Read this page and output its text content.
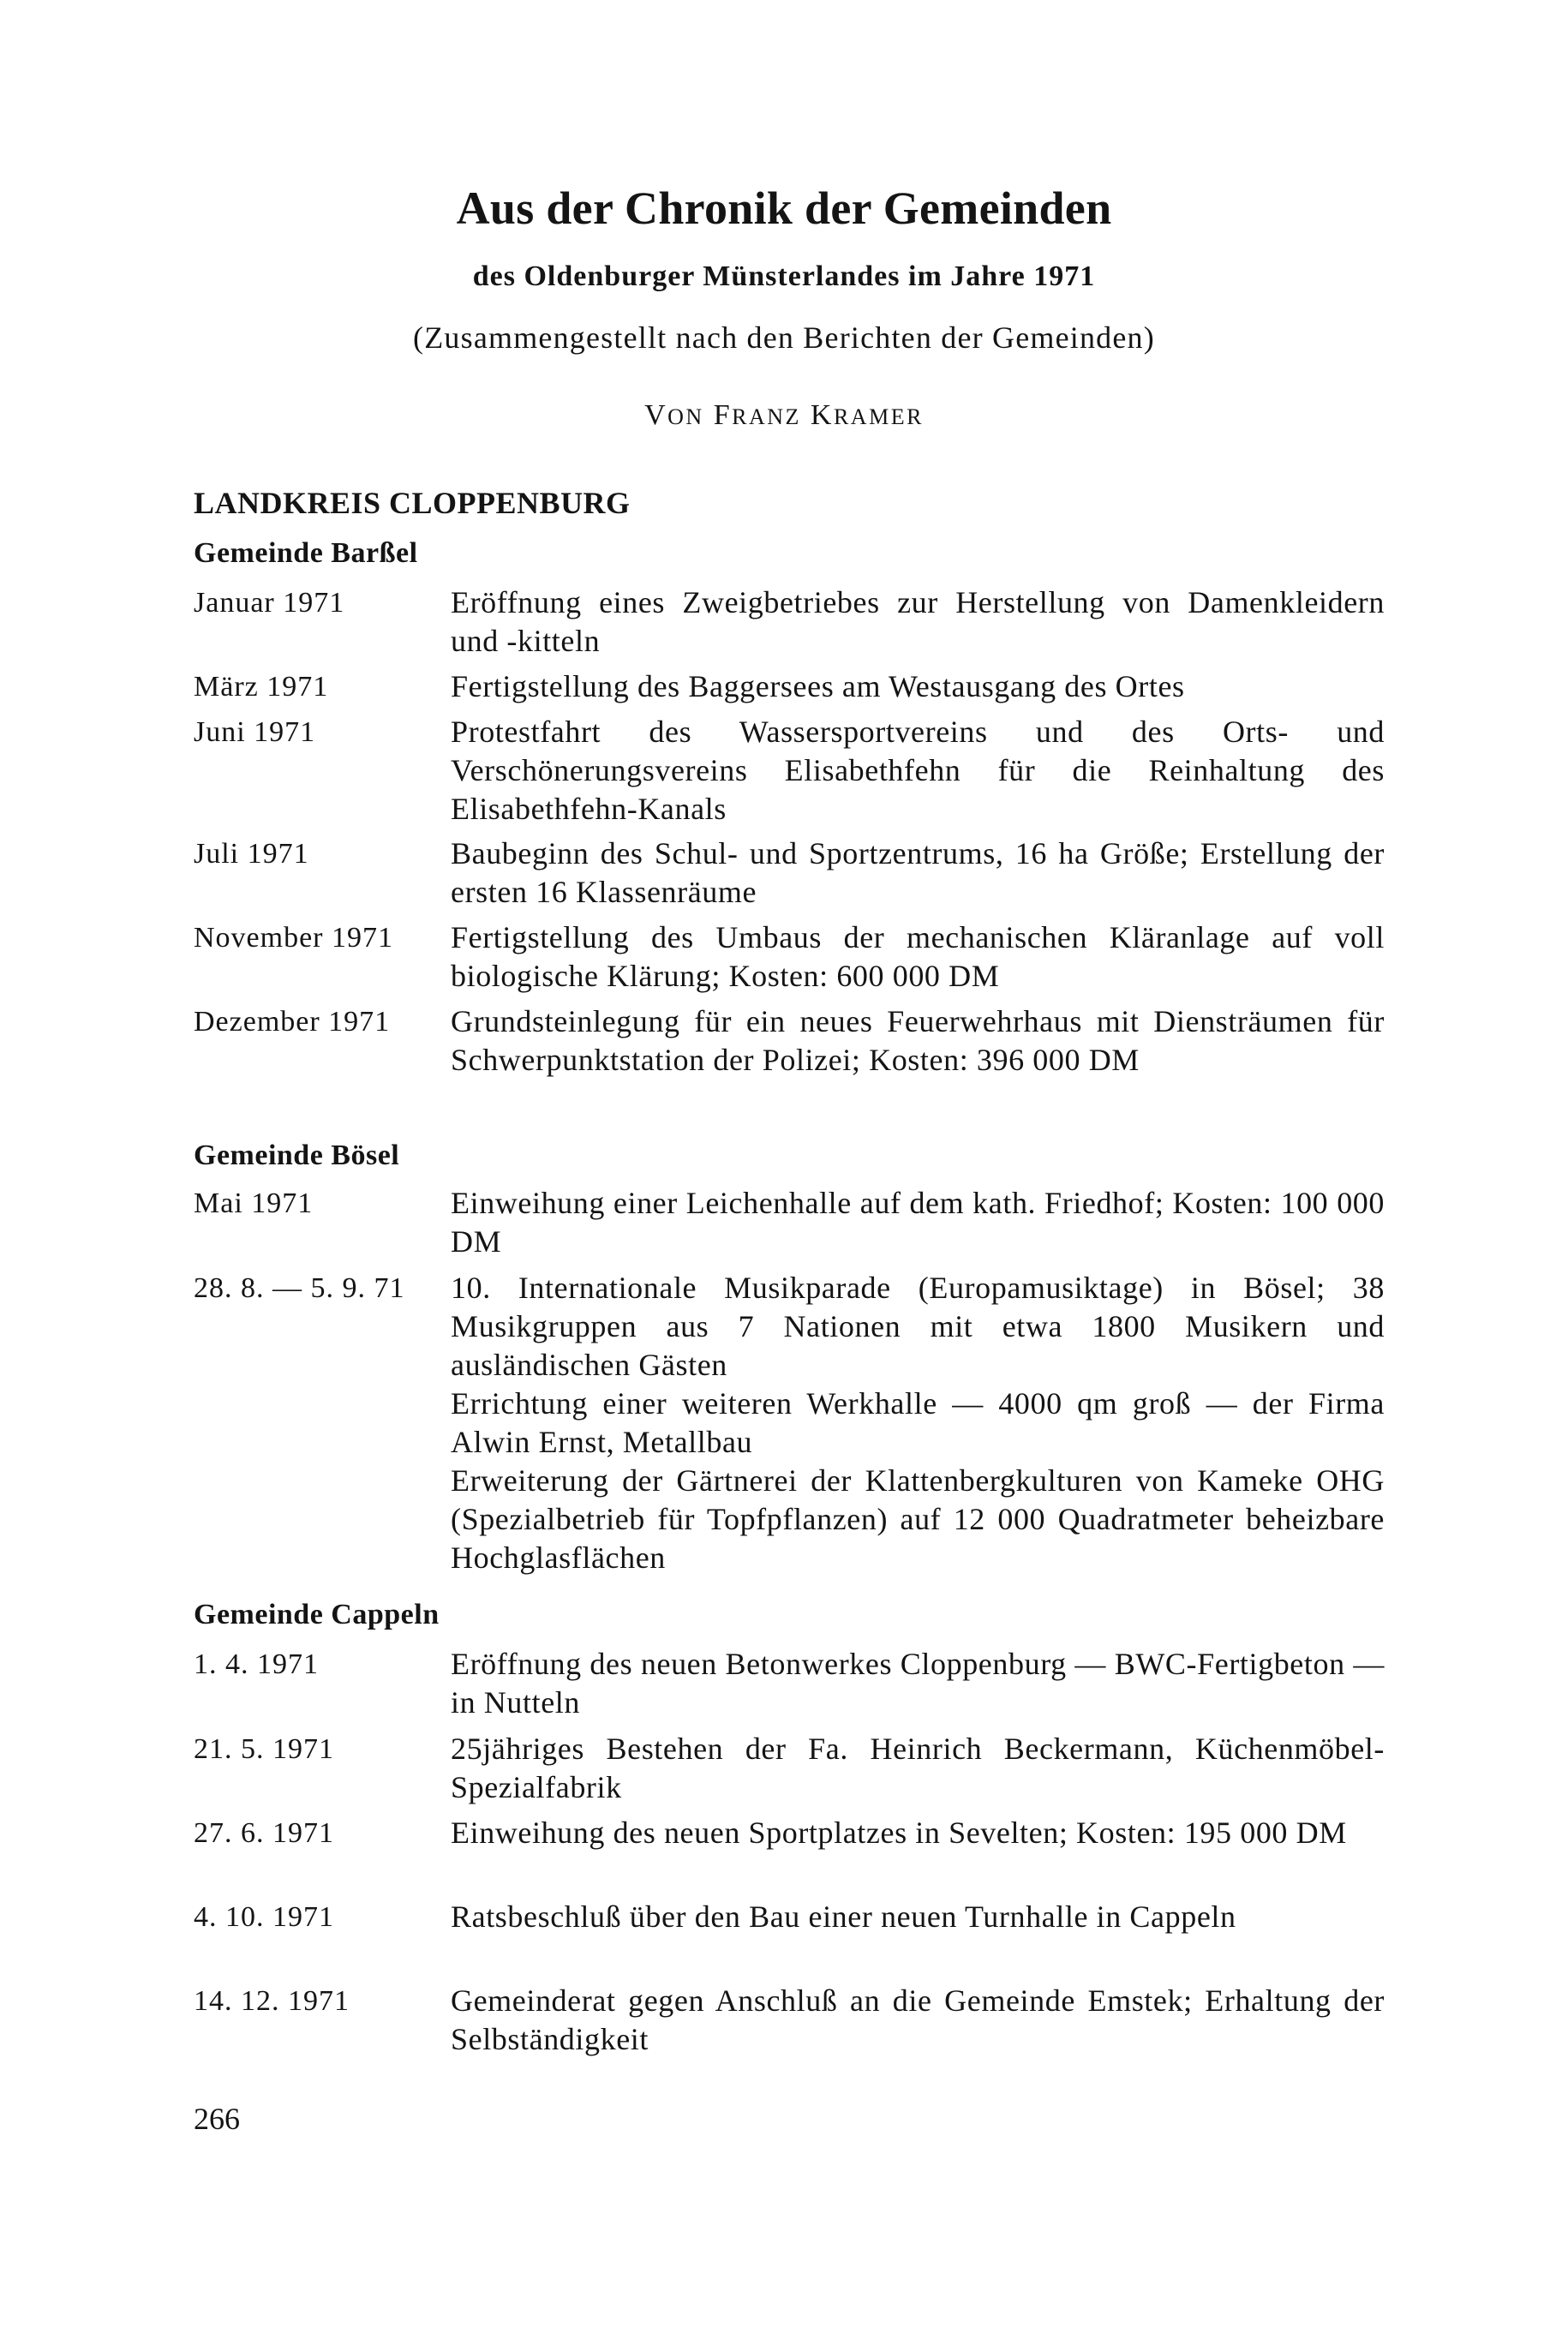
Aus der Chronik der Gemeinden
des Oldenburger Münsterlandes im Jahre 1971
(Zusammengestellt nach den Berichten der Gemeinden)
VON FRANZ KRAMER
LANDKREIS CLOPPENBURG
Gemeinde Barßel
Januar 1971	Eröffnung eines Zweigbetriebes zur Herstellung von Damenkleidern und -kitteln
März 1971	Fertigstellung des Baggersees am Westausgang des Ortes
Juni 1971	Protestfahrt des Wassersportvereins und des Orts- und Verschönerungsvereins Elisabethfehn für die Reinhaltung des Elisabethfehn-Kanals
Juli 1971	Baubeginn des Schul- und Sportzentrums, 16 ha Größe; Erstellung der ersten 16 Klassenräume
November 1971	Fertigstellung des Umbaus der mechanischen Kläranlage auf voll biologische Klärung; Kosten: 600 000 DM
Dezember 1971	Grundsteinlegung für ein neues Feuerwehrhaus mit Diensträumen für Schwerpunktstation der Polizei; Kosten: 396 000 DM
Gemeinde Bösel
Mai 1971	Einweihung einer Leichenhalle auf dem kath. Friedhof; Kosten: 100 000 DM
28. 8. — 5. 9. 71	10. Internationale Musikparade (Europamusiktage) in Bösel; 38 Musikgruppen aus 7 Nationen mit etwa 1800 Musikern und ausländischen Gästen
Errichtung einer weiteren Werkhalle — 4000 qm groß — der Firma Alwin Ernst, Metallbau
Erweiterung der Gärtnerei der Klattenbergkulturen von Kameke OHG (Spezialbetrieb für Topfpflanzen) auf 12 000 Quadratmeter beheizbare Hochglasflächen
Gemeinde Cappeln
1. 4. 1971	Eröffnung des neuen Betonwerkes Cloppenburg — BWC-Fertigbeton — in Nutteln
21. 5. 1971	25jähriges Bestehen der Fa. Heinrich Beckermann, Küchenmöbel-Spezialfabrik
27. 6. 1971	Einweihung des neuen Sportplatzes in Sevelten; Kosten: 195 000 DM
4. 10. 1971	Ratsbeschluß über den Bau einer neuen Turnhalle in Cappeln
14. 12. 1971	Gemeinderat gegen Anschluß an die Gemeinde Emstek; Erhaltung der Selbständigkeit
266
